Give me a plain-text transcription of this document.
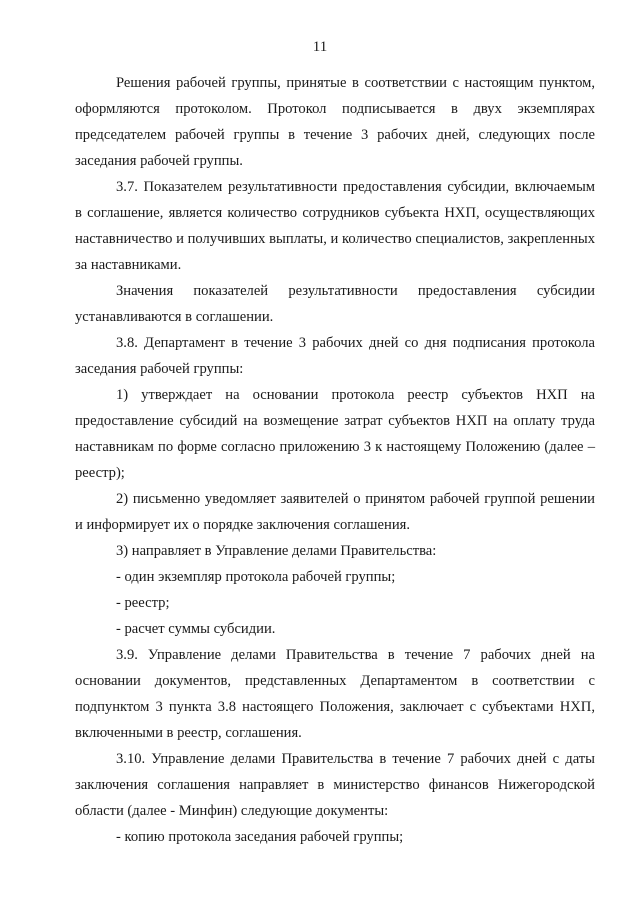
11

Решения рабочей группы, принятые в соответствии с настоящим пунктом, оформляются протоколом. Протокол подписывается в двух экземплярах председателем рабочей группы в течение 3 рабочих дней, следующих после заседания рабочей группы.

3.7. Показателем результативности предоставления субсидии, включаемым в соглашение, является количество сотрудников субъекта НХП, осуществляющих наставничество и получивших выплаты, и количество специалистов, закрепленных за наставниками.

Значения показателей результативности предоставления субсидии устанавливаются в соглашении.

3.8. Департамент в течение 3 рабочих дней со дня подписания протокола заседания рабочей группы:

1) утверждает на основании протокола реестр субъектов НХП на предоставление субсидий на возмещение затрат субъектов НХП на оплату труда наставникам по форме согласно приложению 3 к настоящему Положению (далее – реестр);

2) письменно уведомляет заявителей о принятом рабочей группой решении и информирует их о порядке заключения соглашения.

3) направляет в Управление делами Правительства:

- один экземпляр протокола рабочей группы;

- реестр;

- расчет суммы субсидии.

3.9. Управление делами Правительства в течение 7 рабочих дней на основании документов, представленных Департаментом в соответствии с подпунктом 3 пункта 3.8 настоящего Положения, заключает с субъектами НХП, включенными в реестр, соглашения.

3.10. Управление делами Правительства в течение 7 рабочих дней с даты заключения соглашения направляет в министерство финансов Нижегородской области (далее - Минфин) следующие документы:

- копию протокола заседания рабочей группы;
